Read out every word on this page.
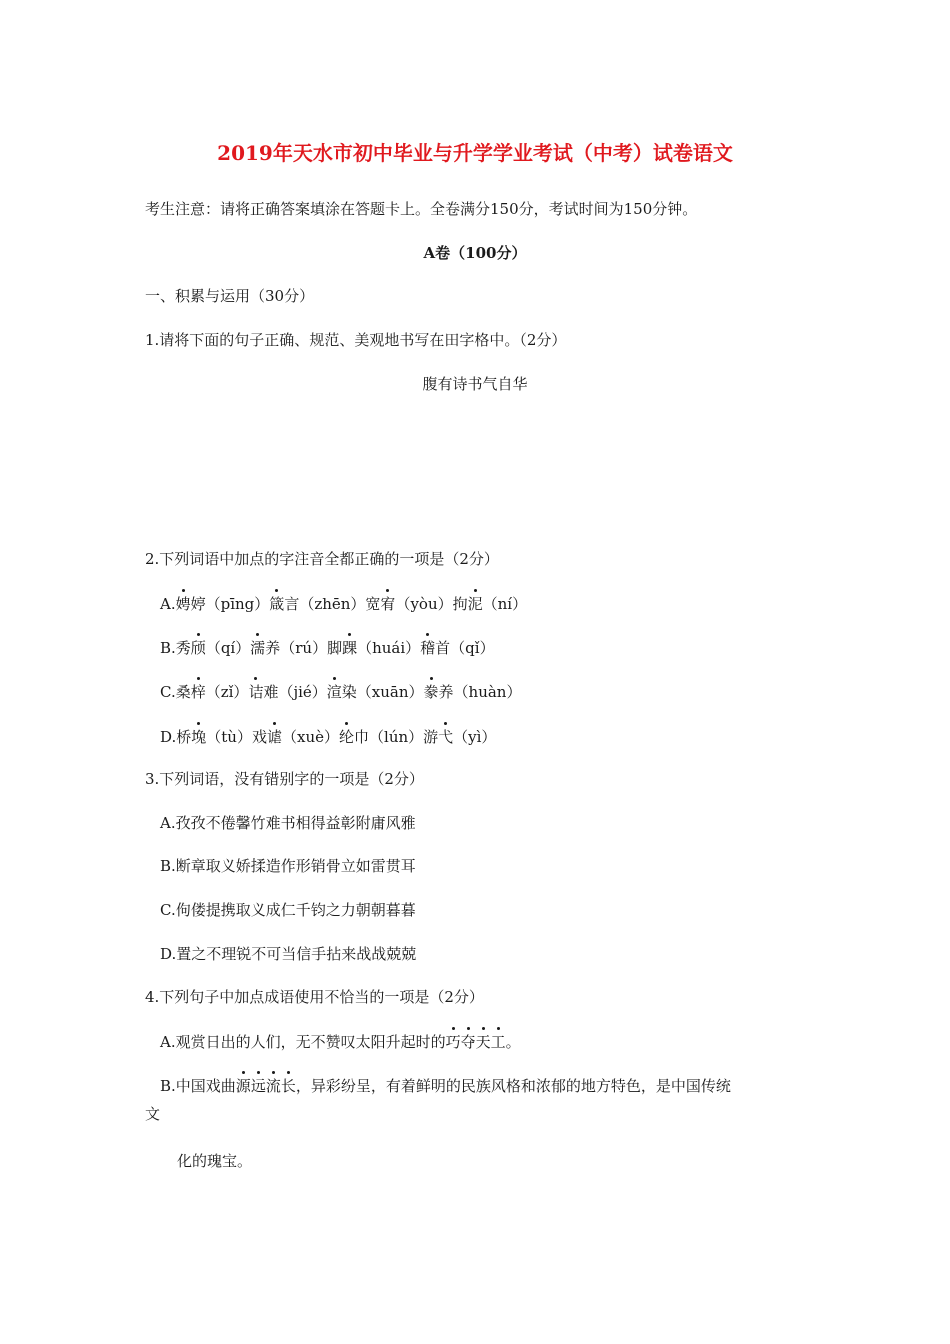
2019年天水市初中毕业与升学学业考试（中考）试卷语文
考生注意：请将正确答案填涂在答题卡上。全卷满分150分，考试时间为150分钟。
A卷（100分）
一、积累与运用（30分）
1.请将下面的句子正确、规范、美观地书写在田字格中。（2分）
腹有诗书气自华
2.下列词语中加点的字注音全都正确的一项是（2分）
A.娉婷（pīng）箴言（zhēn）宽宥（yòu）拘泥（ní）
B.秀颀（qí）濡养（rú）脚踝（huái）稽首（qǐ）
C.桑梓（zǐ）诘难（jié）渲染（xuān）豢养（huàn）
D.桥堍（tù）戏谑（xuè）纶巾（lún）游弋（yì）
3.下列词语，没有错别字的一项是（2分）
A.孜孜不倦馨竹难书相得益彰附庸风雅
B.断章取义娇揉造作形销骨立如雷贯耳
C.佝偻提携取义成仁千钧之力朝朝暮暮
D.置之不理锐不可当信手拈来战战兢兢
4.下列句子中加点成语使用不恰当的一项是（2分）
A.观赏日出的人们，无不赞叹太阳升起时的巧夺天工。
B.中国戏曲源远流长，异彩纷呈，有着鲜明的民族风格和浓郁的地方特色，是中国传统
文
化的瑰宝。
